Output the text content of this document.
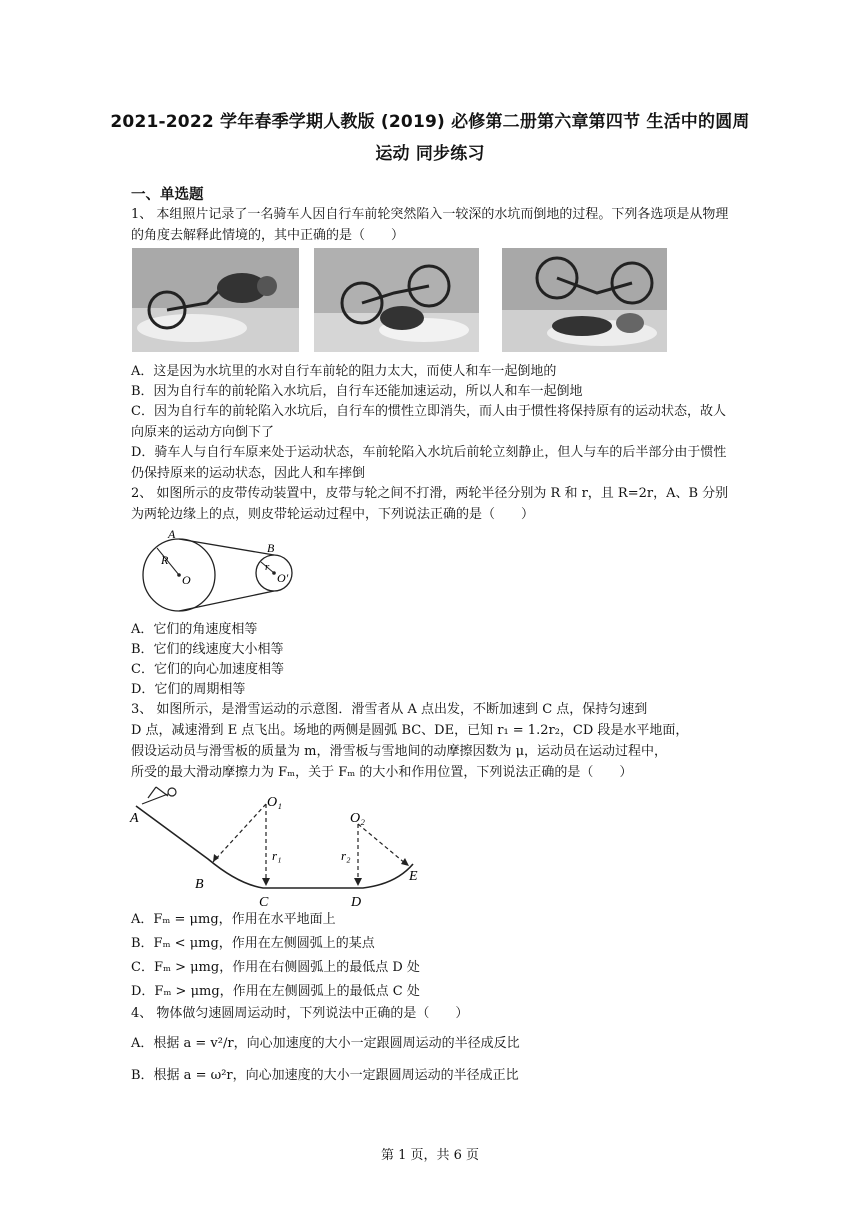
2021-2022 学年春季学期人教版 (2019) 必修第二册第六章第四节 生活中的圆周运动 同步练习
一、单选题
1、 本组照片记录了一名骑车人因自行车前轮突然陷入一较深的水坑而倒地的过程。下列各选项是从物理的角度去解释此情境的，其中正确的是（　　）
A．这是因为水坑里的水对自行车前轮的阻力太大，而使人和车一起倒地的
B．因为自行车的前轮陷入水坑后，自行车还能加速运动，所以人和车一起倒地
C．因为自行车的前轮陷入水坑后，自行车的惯性立即消失，而人由于惯性将保持原有的运动状态，故人向原来的运动方向倒下了
D．骑车人与自行车原来处于运动状态，车前轮陷入水坑后前轮立刻静止，但人与车的后半部分由于惯性仍保持原来的运动状态，因此人和车摔倒
2、 如图所示的皮带传动装置中，皮带与轮之间不打滑，两轮半径分别为 R 和 r，且 R=2r，A、B 分别为两轮边缘上的点，则皮带轮运动过程中，下列说法正确的是（　　）
A
R
O
B
r
O'
A．它们的角速度相等
B．它们的线速度大小相等
C．它们的向心加速度相等
D．它们的周期相等
3、 如图所示，是滑雪运动的示意图．滑雪者从 A 点出发，不断加速到 C 点，保持匀速到
D 点，减速滑到 E 点飞出。场地的两侧是圆弧 BC、DE，已知 r₁ = 1.2r₂，CD 段是水平地面，
假设运动员与滑雪板的质量为 m，滑雪板与雪地间的动摩擦因数为 μ，运动员在运动过程中，
所受的最大滑动摩擦力为 Fₘ，关于 Fₘ 的大小和作用位置，下列说法正确的是（　　）
A
O₁
O₂
r₁	r₂
B
C	D
E
A．Fₘ = μmg，作用在水平地面上
B．Fₘ < μmg，作用在左侧圆弧上的某点
C．Fₘ > μmg，作用在右侧圆弧上的最低点 D 处
D．Fₘ > μmg，作用在左侧圆弧上的最低点 C 处
4、 物体做匀速圆周运动时，下列说法中正确的是（　　）
A．根据 a = v²/r，向心加速度的大小一定跟圆周运动的半径成反比
B．根据 a = ω²r，向心加速度的大小一定跟圆周运动的半径成正比
第 1 页，共 6 页
